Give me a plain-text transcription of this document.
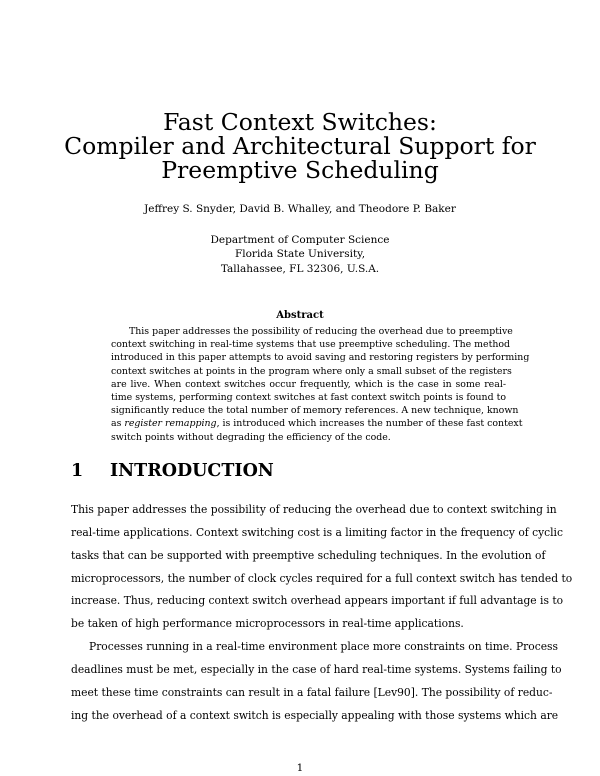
Fast Context Switches:
Compiler and Architectural Support for
Preemptive Scheduling
Jeffrey S. Snyder, David B. Whalley, and Theodore P. Baker
Department of Computer Science
Florida State University,
Tallahassee, FL 32306, U.S.A.
Abstract
This paper addresses the possibility of reducing the overhead due to preemptive
context switching in real-time systems that use preemptive scheduling. The method
introduced in this paper attempts to avoid saving and restoring registers by performing
context switches at points in the program where only a small subset of the registers
are live. When context switches occur frequently, which is the case in some real-
time systems, performing context switches at fast context switch points is found to
significantly reduce the total number of memory references. A new technique, known
as register remapping, is introduced which increases the number of these fast context
switch points without degrading the efficiency of the code.
1 INTRODUCTION
This paper addresses the possibility of reducing the overhead due to context switching in
real-time applications. Context switching cost is a limiting factor in the frequency of cyclic
tasks that can be supported with preemptive scheduling techniques. In the evolution of
microprocessors, the number of clock cycles required for a full context switch has tended to
increase. Thus, reducing context switch overhead appears important if full advantage is to
be taken of high performance microprocessors in real-time applications.
Processes running in a real-time environment place more constraints on time. Process
deadlines must be met, especially in the case of hard real-time systems. Systems failing to
meet these time constraints can result in a fatal failure [Lev90]. The possibility of reduc-
ing the overhead of a context switch is especially appealing with those systems which are
1
